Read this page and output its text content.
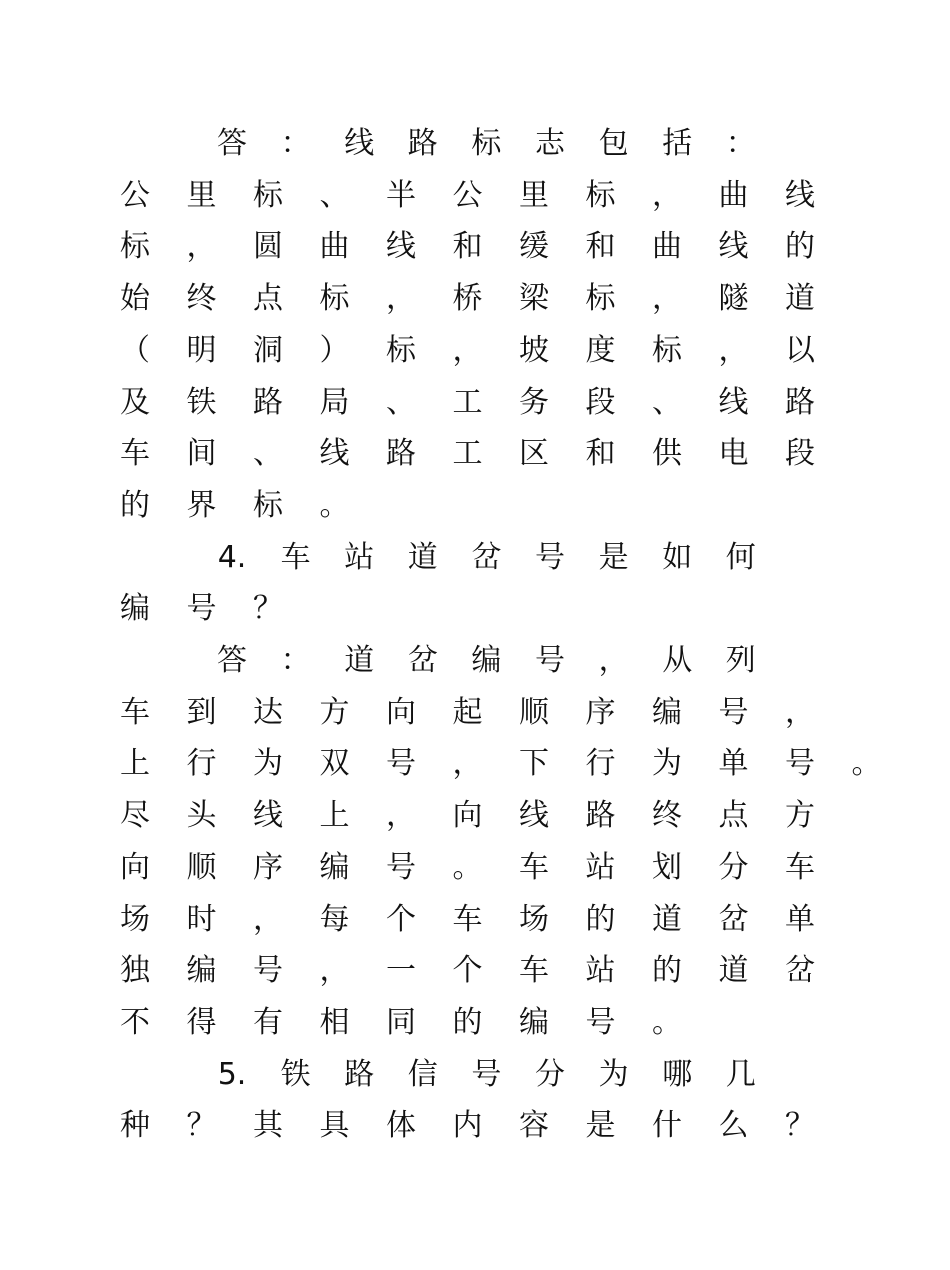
答 ： 线 路 标 志 包 括 ：
公 里 标 、 半 公 里 标 ， 曲 线
标 ， 圆 曲 线 和 缓 和 曲 线 的
始 终 点 标 ， 桥 梁 标 ， 隧 道
（ 明 洞 ） 标 ， 坡 度 标 ， 以
及 铁 路 局 、 工 务 段 、 线 路
车 间 、 线 路 工 区 和 供 电 段
的 界 标 。
4. 车 站 道 岔 号 是 如 何
编 号 ？
答 ： 道 岔 编 号 ， 从 列
车 到 达 方 向 起 顺 序 编 号 ，
上 行 为 双 号 ， 下 行 为 单 号 。
尽 头 线 上 ， 向 线 路 终 点 方
向 顺 序 编 号 。 车 站 划 分 车
场 时 ， 每 个 车 场 的 道 岔 单
独 编 号 ， 一 个 车 站 的 道 岔
不 得 有 相 同 的 编 号 。
5. 铁 路 信 号 分 为 哪 几
种 ？ 其 具 体 内 容 是 什 么 ？
